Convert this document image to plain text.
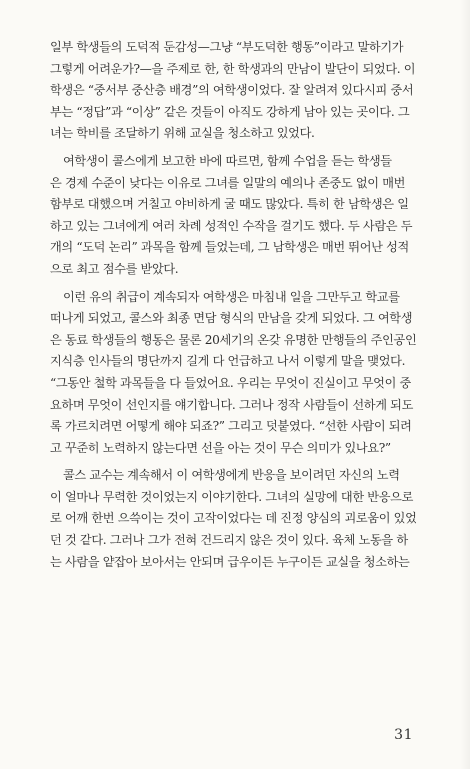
일부 학생들의 도덕적 둔감성—그냥 “부도덕한 행동”이라고 말하기가
그렇게 어려운가?—을 주제로 한, 한 학생과의 만남이 발단이 되었다. 이
학생은 “중서부 중산층 배경”의 여학생이었다. 잘 알려져 있다시피 중서
부는 “정답”과 “이상” 같은 것들이 아직도 강하게 남아 있는 곳이다. 그
녀는 학비를 조달하기 위해 교실을 청소하고 있었다.
여학생이 콜스에게 보고한 바에 따르면, 함께 수업을 듣는 학생들
은 경제 수준이 낮다는 이유로 그녀를 일말의 예의나 존중도 없이 매번
함부로 대했으며 거칠고 야비하게 굴 때도 많았다. 특히 한 남학생은 일
하고 있는 그녀에게 여러 차례 성적인 수작을 걸기도 했다. 두 사람은 두
개의 “도덕 논리” 과목을 함께 들었는데, 그 남학생은 매번 뛰어난 성적
으로 최고 점수를 받았다.
이런 유의 취급이 계속되자 여학생은 마침내 일을 그만두고 학교를
떠나게 되었고, 콜스와 최종 면담 형식의 만남을 갖게 되었다. 그 여학생
은 동료 학생들의 행동은 물론 20세기의 온갖 유명한 만행들의 주인공인
지식층 인사들의 명단까지 길게 다 언급하고 나서 이렇게 말을 맺었다.
“그동안 철학 과목들을 다 들었어요. 우리는 무엇이 진실이고 무엇이 중
요하며 무엇이 선인지를 얘기합니다. 그러나 정작 사람들이 선하게 되도
록 가르치려면 어떻게 해야 되죠?” 그리고 덧붙였다. “선한 사람이 되려
고 꾸준히 노력하지 않는다면 선을 아는 것이 무슨 의미가 있나요?”
콜스 교수는 계속해서 이 여학생에게 반응을 보이려던 자신의 노력
이 얼마나 무력한 것이었는지 이야기한다. 그녀의 실망에 대한 반응으로
로 어깨 한번 으쓱이는 것이 고작이었다는 데 진정 양심의 괴로움이 있었
던 것 같다. 그러나 그가 전혀 건드리지 않은 것이 있다. 육체 노동을 하
는 사람을 얕잡아 보아서는 안되며 급우이든 누구이든 교실을 청소하는
31
